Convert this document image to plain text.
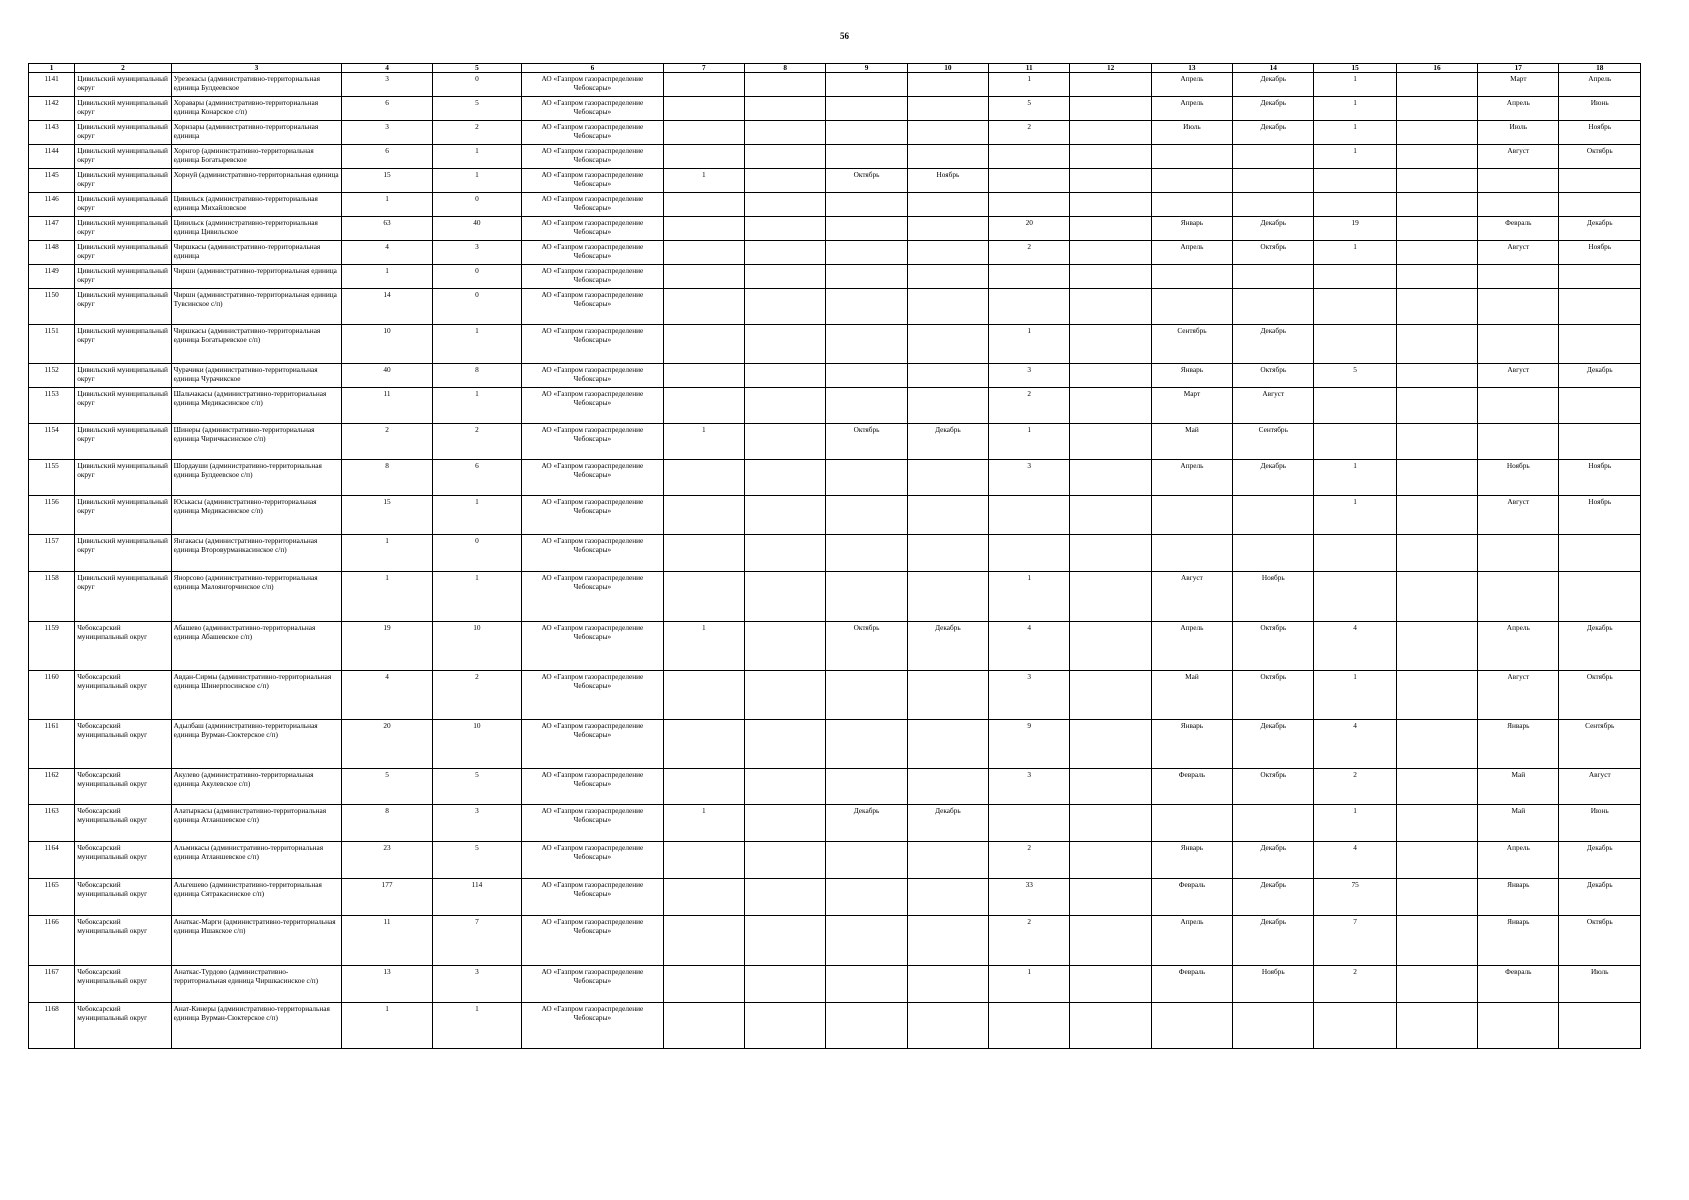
56
1	2	3	4	5	6	7	8	9	10	11	12	13	14	15	16	17	18
1141	Цивильский муниципальный округ	Урезекасы (административно-территориальная единица Булдеевское	3	0	АО «Газпром газораспределение Чебоксары»					1		Апрель	Декабрь	1		Март	Апрель
1142	Цивильский муниципальный округ	Хоравары (административно-территориальная единица Конарское с/п)	6	5	АО «Газпром газораспределение Чебоксары»					5		Апрель	Декабрь	1		Апрель	Июнь
1143	Цивильский муниципальный округ	Хорнзары (административно-территориальная единица	3	2	АО «Газпром газораспределение Чебоксары»					2		Июль	Декабрь	1		Июль	Ноябрь
1144	Цивильский муниципальный округ	Хорнгор (административно-территориальная единица Богатыревское	6	1	АО «Газпром газораспределение Чебоксары»									1		Август	Октябрь
1145	Цивильский муниципальный округ	Хорнуй (административно-территориальная единица	15	1	АО «Газпром газораспределение Чебоксары»	1		Октябрь	Ноябрь								
1146	Цивильский муниципальный округ	Цивильск (административно-территориальная единица Михайловское	1	0	АО «Газпром газораспределение Чебоксары»												
1147	Цивильский муниципальный округ	Цивильск (административно-территориальная единица Цивильское	63	40	АО «Газпром газораспределение Чебоксары»					20		Январь	Декабрь	19		Февраль	Декабрь
1148	Цивильский муниципальный округ	Чиршкасы (административно-территориальная единица	4	3	АО «Газпром газораспределение Чебоксары»					2		Апрель	Октябрь	1		Август	Ноябрь
1149	Цивильский муниципальный округ	Чиршн (административно-территориальная единица	1	0	АО «Газпром газораспределение Чебоксары»												
1150	Цивильский муниципальный округ	Чиршн (административно-территориальная единица Тувсинское с/п)	14	0	АО «Газпром газораспределение Чебоксары»												
1151	Цивильский муниципальный округ	Чиршкасы (административно-территориальная единица Богатыревское с/п)	10	1	АО «Газпром газораспределение Чебоксары»					1		Сентябрь	Декабрь				
1152	Цивильский муниципальный округ	Чурачики (административно-территориальная единица Чурачикское	40	8	АО «Газпром газораспределение Чебоксары»					3		Январь	Октябрь	5		Август	Декабрь
1153	Цивильский муниципальный округ	Шальчакасы (административно-территориальная единица Медикасинское с/п)	11	1	АО «Газпром газораспределение Чебоксары»					2		Март	Август				
1154	Цивильский муниципальный округ	Шинеры (административно-территориальная единица Чиричкасинское с/п)	2	2	АО «Газпром газораспределение Чебоксары»	1		Октябрь	Декабрь	1		Май	Сентябрь				
1155	Цивильский муниципальный округ	Шордауши (административно-территориальная единица Булдеевское с/п)	8	6	АО «Газпром газораспределение Чебоксары»					3		Апрель	Декабрь	1		Ноябрь	Ноябрь
1156	Цивильский муниципальный округ	Юськасы (административно-территориальная единица Медикасинское с/п)	15	1	АО «Газпром газораспределение Чебоксары»									1		Август	Ноябрь
1157	Цивильский муниципальный округ	Янгакасы (административно-территориальная единица Второвурманкасинское с/п)	1	0	АО «Газпром газораспределение Чебоксары»												
1158	Цивильский муниципальный округ	Янорсово (административно-территориальная единица Малоянгорчинское с/п)	1	1	АО «Газпром газораспределение Чебоксары»					1		Август	Ноябрь				
1159	Чебоксарский муниципальный округ	Абашево (административно-территориальная единица Абашевское с/п)	19	10	АО «Газпром газораспределение Чебоксары»	1		Октябрь	Декабрь	4		Апрель	Октябрь	4		Апрель	Декабрь
1160	Чебоксарский муниципальный округ	Авдан-Сирмы (административно-территориальная единица Шинерпосинское с/п)	4	2	АО «Газпром газораспределение Чебоксары»					3		Май	Октябрь	1		Август	Октябрь
1161	Чебоксарский муниципальный округ	Адылбаш (административно-территориальная единица Вурман-Сюктерское с/п)	20	10	АО «Газпром газораспределение Чебоксары»					9		Январь	Декабрь	4		Январь	Сентябрь
1162	Чебоксарский муниципальный округ	Акулево (административно-территориальная единица Акулевское с/п)	5	5	АО «Газпром газораспределение Чебоксары»					3		Февраль	Октябрь	2		Май	Август
1163	Чебоксарский муниципальный округ	Алатыркасы (административно-территориальная единица Атланшевское с/п)	8	3	АО «Газпром газораспределение Чебоксары»	1		Декабрь	Декабрь					1		Май	Июнь
1164	Чебоксарский муниципальный округ	Альмикасы (административно-территориальная единица Атланшевское с/п)	23	5	АО «Газпром газораспределение Чебоксары»					2		Январь	Декабрь	4		Апрель	Декабрь
1165	Чебоксарский муниципальный округ	Альгешево (административно-территориальная единица Сятракасинское с/п)	177	114	АО «Газпром газораспределение Чебоксары»					33		Февраль	Декабрь	75		Январь	Декабрь
1166	Чебоксарский муниципальный округ	Анаткас-Марги (административно-территориальная единица Ишакское с/п)	11	7	АО «Газпром газораспределение Чебоксары»					2		Апрель	Декабрь	7		Январь	Октябрь
1167	Чебоксарский муниципальный округ	Анаткас-Турдово (административно-территориальная единица Чиршкасинское с/п)	13	3	АО «Газпром газораспределение Чебоксары»					1		Февраль	Ноябрь	2		Февраль	Июль
1168	Чебоксарский муниципальный округ	Анат-Кинеры (административно-территориальная единица Вурман-Сюктерское с/п)	1	1	АО «Газпром газораспределение Чебоксары»												
